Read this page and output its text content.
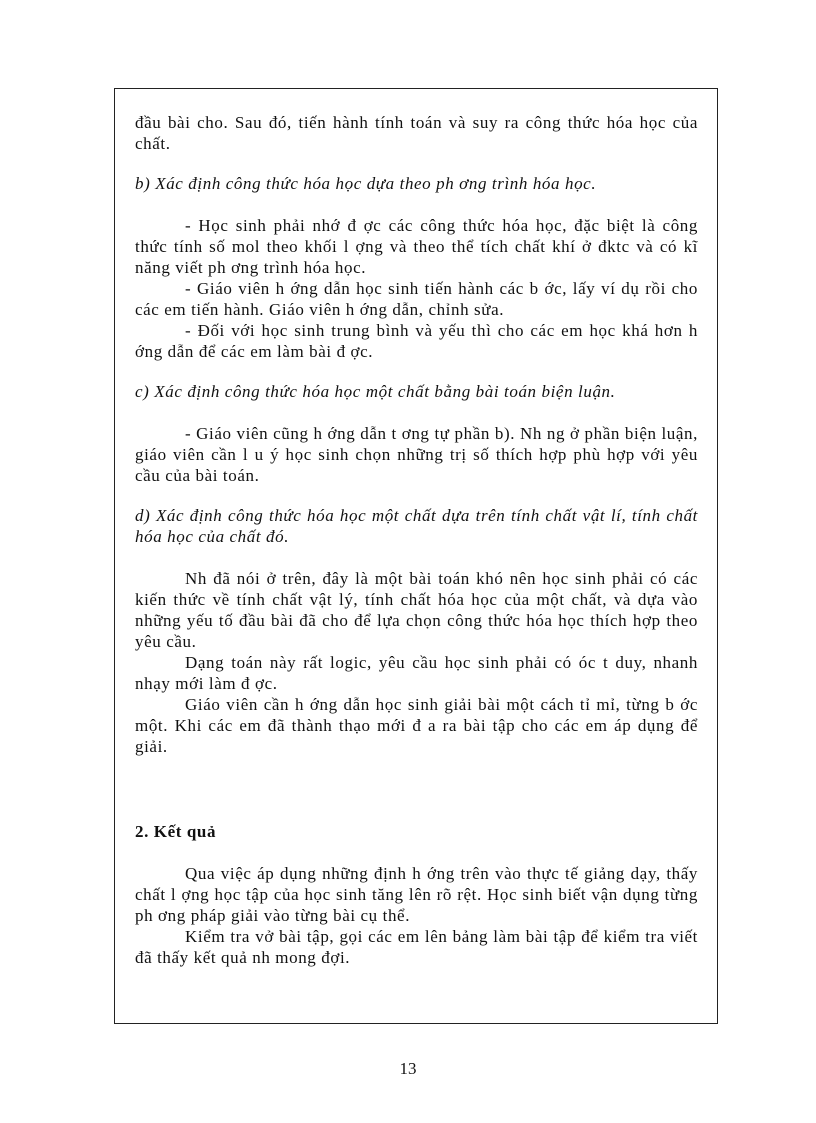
đầu bài cho. Sau đó, tiến hành tính toán và suy ra công thức hóa học của chất.

b) Xác định công thức hóa học dựa theo ph ơng trình hóa học.

- Học sinh phải nhớ đ ợc các công thức hóa học, đặc biệt là công thức tính số mol theo khối l ợng và theo thể tích chất khí ở đktc và có kĩ năng viết ph ơng trình hóa học.

- Giáo viên h ớng dẫn học sinh tiến hành các b ớc, lấy ví dụ rồi cho các em tiến hành. Giáo viên h ớng dẫn, chỉnh sửa.

- Đối với học sinh trung bình và yếu thì cho các em học khá hơn h ớng dẫn để các em làm bài đ ợc.

c) Xác định công thức hóa học một chất bằng bài toán biện luận.

- Giáo viên cũng h ớng dẫn t ơng tự phần b). Nh ng ở phần biện luận, giáo viên cần l u ý học sinh chọn những trị số thích hợp phù hợp với yêu cầu của bài toán.

d) Xác định công thức hóa học một chất dựa trên tính chất vật lí, tính chất hóa học của chất đó.

Nh đã nói ở trên, đây là một bài toán khó nên học sinh phải có các kiến thức về tính chất vật lý, tính chất hóa học của một chất, và dựa vào những yếu tố đầu bài đã cho để lựa chọn công thức hóa học thích hợp theo yêu cầu.

Dạng toán này rất logic, yêu cầu học sinh phải có óc t duy, nhanh nhạy mới làm đ ợc.

Giáo viên cần h ớng dẫn học sinh giải bài một cách tỉ mỉ, từng b ớc một. Khi các em đã thành thạo mới đ a ra bài tập cho các em áp dụng để giải.

2. Kết quả

Qua việc áp dụng những định h ớng trên vào thực tế giảng dạy, thấy chất l ợng học tập của học sinh tăng lên rõ rệt. Học sinh biết vận dụng từng ph ơng pháp giải vào từng bài cụ thể.

Kiểm tra vở bài tập, gọi các em lên bảng làm bài tập để kiểm tra viết đã thấy kết quả nh mong đợi.

13
